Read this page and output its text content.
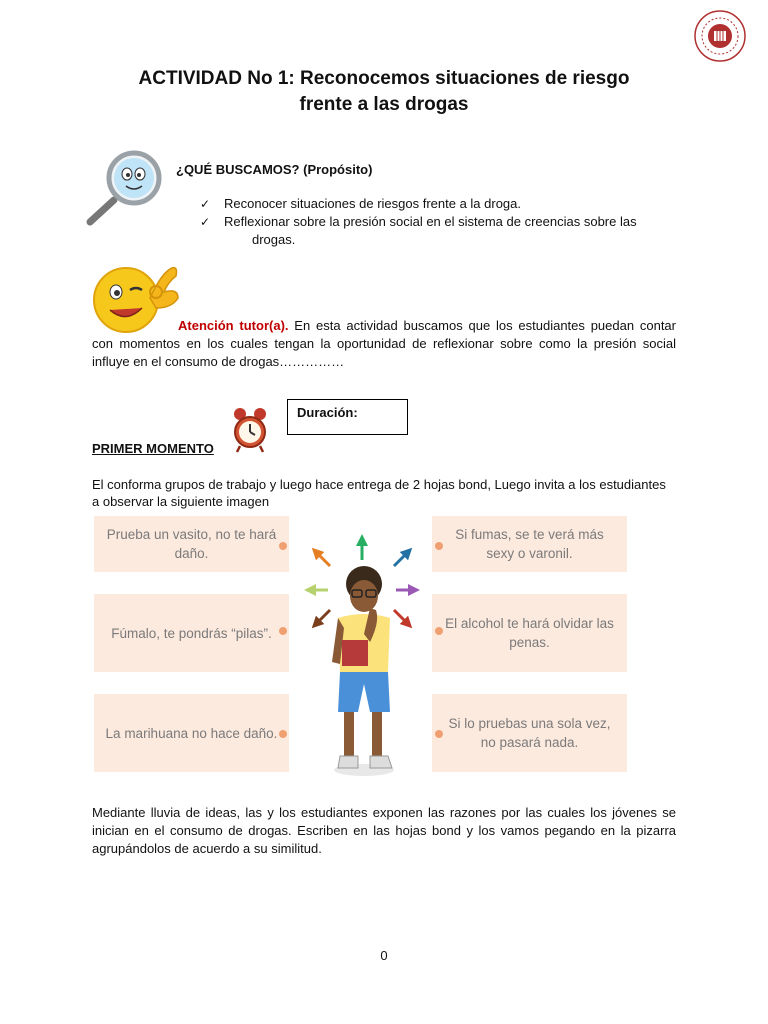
ACTIVIDAD No 1: Reconocemos situaciones de riesgo
frente a las drogas
¿QUÉ BUSCAMOS? (Propósito)
✓ Reconocer situaciones de riesgos frente a la droga.
✓ Reflexionar sobre la presión social en el sistema de creencias sobre las
drogas.
Atención tutor(a). En esta actividad buscamos que los estudiantes puedan contar con momentos en los cuales tengan la oportunidad de reflexionar sobre como la presión social influye en el consumo de drogas……………
Duración:
PRIMER MOMENTO
El conforma grupos de trabajo y luego hace entrega de 2 hojas bond, Luego invita a los estudiantes a observar la siguiente imagen
Prueba un vasito, no te hará daño.
Fúmalo, te pondrás “pilas”.
La marihuana no hace daño.
Si fumas, se te verá más sexy o varonil.
El alcohol te hará olvidar las penas.
Si lo pruebas una sola vez, no pasará nada.
Mediante lluvia de ideas, las y los estudiantes exponen las razones por las cuales los jóvenes se inician en el consumo de drogas. Escriben en las hojas bond y los vamos pegando en la pizarra agrupándolos de acuerdo a su similitud.
0
